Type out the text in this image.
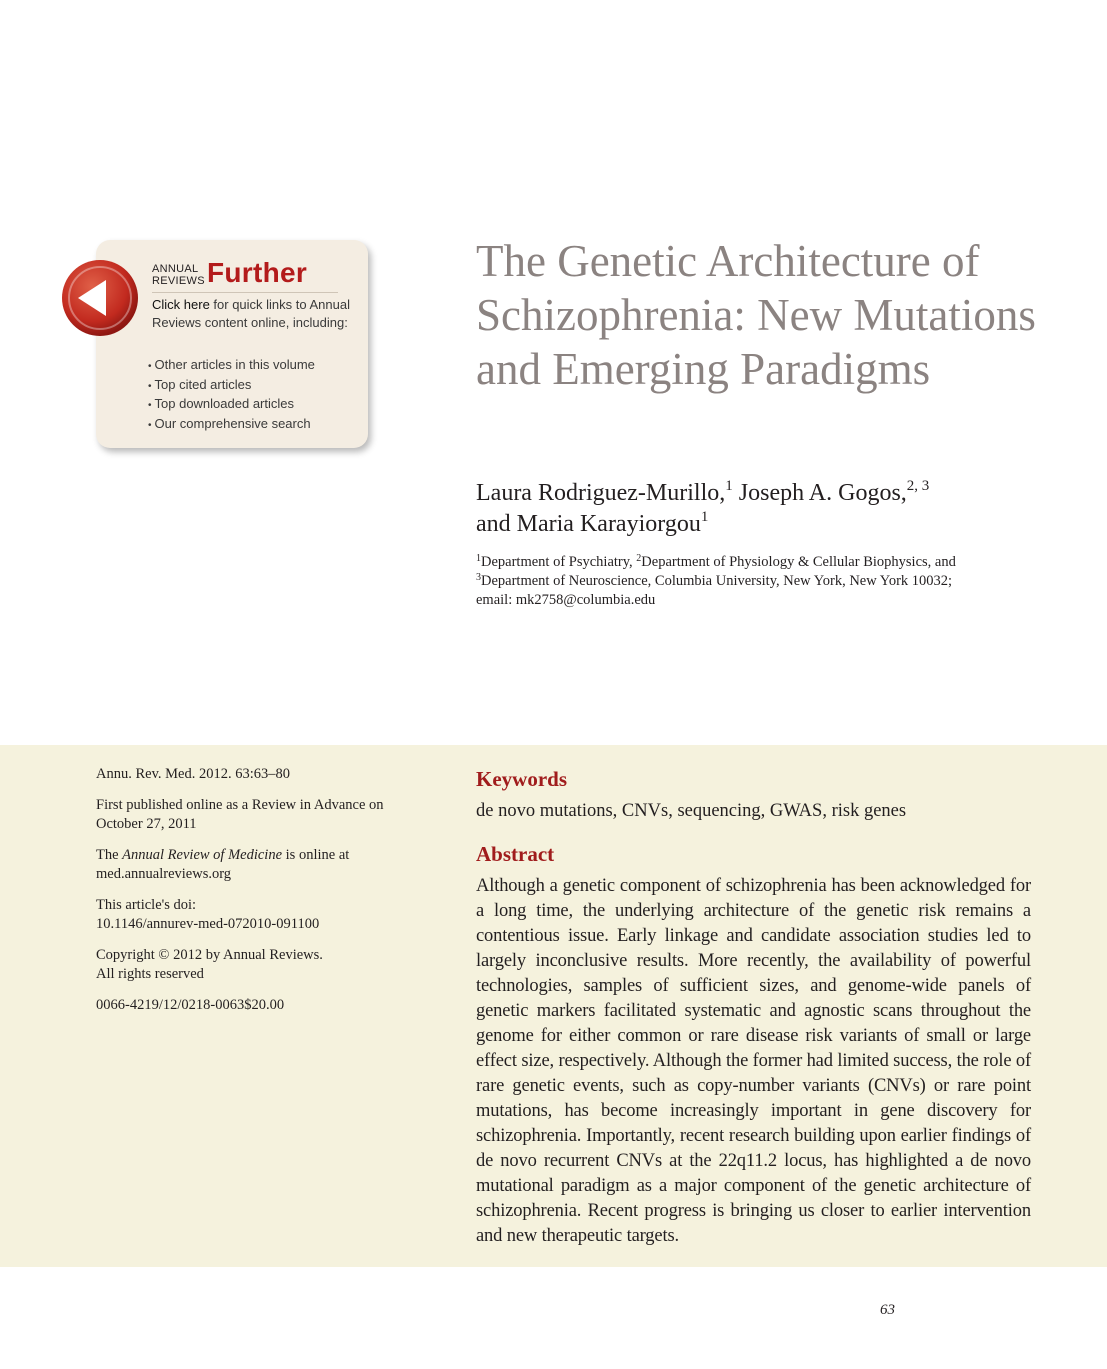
ANNUAL
REVIEWS Further
Click here for quick links to Annual Reviews content online, including:
• Other articles in this volume
• Top cited articles
• Top downloaded articles
• Our comprehensive search
The Genetic Architecture of Schizophrenia: New Mutations and Emerging Paradigms
Laura Rodriguez-Murillo,$^1$ Joseph A. Gogos,$^{2, 3}$
and Maria Karayiorgou$^1$
$^1$Department of Psychiatry, $^2$Department of Physiology & Cellular Biophysics, and
$^3$Department of Neuroscience, Columbia University, New York, New York 10032;
email: mk2758@columbia.edu

Annu. Rev. Med. 2012. 63:63–80

First published online as a Review in Advance on October 27, 2011

The Annual Review of Medicine is online at med.annualreviews.org

This article's doi:
10.1146/annurev-med-072010-091100

Copyright © 2012 by Annual Reviews.
All rights reserved

0066-4219/12/0218-0063$20.00

Keywords
de novo mutations, CNVs, sequencing, GWAS, risk genes
Abstract

Although a genetic component of schizophrenia has been acknowledged for a long time, the underlying architecture of the genetic risk remains a contentious issue. Early linkage and candidate association studies led to largely inconclusive results. More recently, the availability of powerful technologies, samples of sufficient sizes, and genome-wide panels of genetic markers facilitated systematic and agnostic scans throughout the genome for either common or rare disease risk variants of small or large effect size, respectively. Although the former had limited success, the role of rare genetic events, such as copy-number variants (CNVs) or rare point mutations, has become increasingly important in gene discovery for schizophrenia. Importantly, recent research building upon earlier findings of de novo recurrent CNVs at the 22q11.2 locus, has highlighted a de novo mutational paradigm as a major component of the genetic architecture of schizophrenia. Recent progress is bringing us closer to earlier intervention and new therapeutic targets.

63
